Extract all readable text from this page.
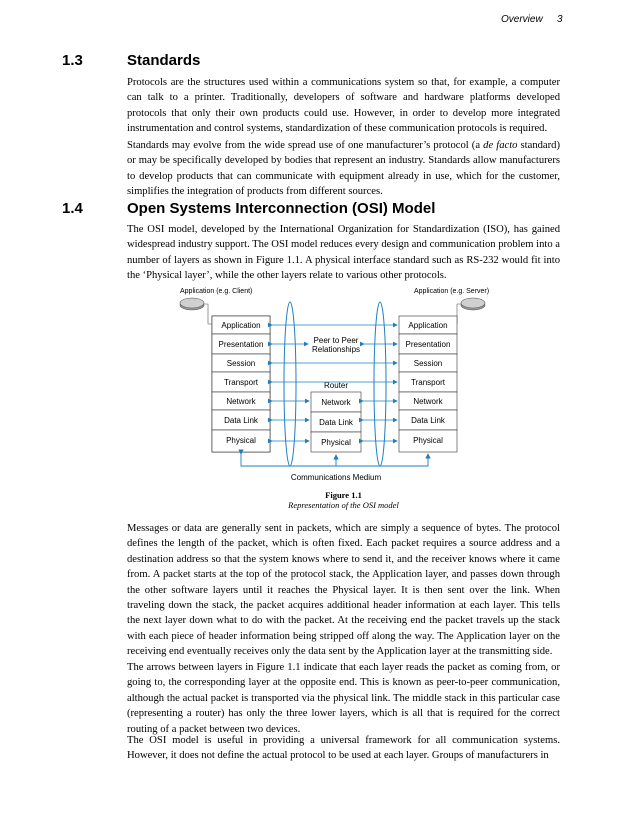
Overview 3
1.3	Standards

Protocols are the structures used within a communications system so that, for example, a computer can talk to a printer. Traditionally, developers of software and hardware platforms developed protocols that only their own products could use. However, in order to develop more integrated instrumentation and control systems, standardization of these communication protocols is required.

Standards may evolve from the wide spread use of one manufacturer’s protocol (a de facto standard) or may be specifically developed by bodies that represent an industry. Standards allow manufacturers to develop products that can communicate with equipment already in use, which for the customer, simplifies the integration of products from different sources.

1.4	Open Systems Interconnection (OSI) Model

The OSI model, developed by the International Organization for Standardization (ISO), has gained widespread industry support. The OSI model reduces every design and communication problem into a number of layers as shown in Figure 1.1. A physical interface standard such as RS-232 would fit into the ‘Physical layer’, while the other layers relate to various other protocols.

Application (e.g. Client)	Application (e.g. Server)
Application
Presentation
Session
Transport
Network
Data Link
Physical
Application
Presentation
Session
Transport
Network
Data Link
Physical
Router
Network
Data Link
Physical
Peer to Peer
Relationships
Communications Medium
Figure 1.1
Representation of the OSI model

Messages or data are generally sent in packets, which are simply a sequence of bytes. The protocol defines the length of the packet, which is often fixed. Each packet requires a source address and a destination address so that the system knows where to send it, and the receiver knows where it came from. A packet starts at the top of the protocol stack, the Application layer, and passes down through the other software layers until it reaches the Physical layer. It is then sent over the link. When traveling down the stack, the packet acquires additional header information at each layer. This tells the next layer down what to do with the packet. At the receiving end the packet travels up the stack with each piece of header information being stripped off along the way. The Application layer on the receiving end eventually receives only the data sent by the Application layer at the transmitting side.

The arrows between layers in Figure 1.1 indicate that each layer reads the packet as coming from, or going to, the corresponding layer at the opposite end. This is known as peer-to-peer communication, although the actual packet is transported via the physical link. The middle stack in this particular case (representing a router) has only the three lower layers, which is all that is required for the correct routing of a packet between two devices.

The OSI model is useful in providing a universal framework for all communication systems. However, it does not define the actual protocol to be used at each layer. Groups of manufacturers in
